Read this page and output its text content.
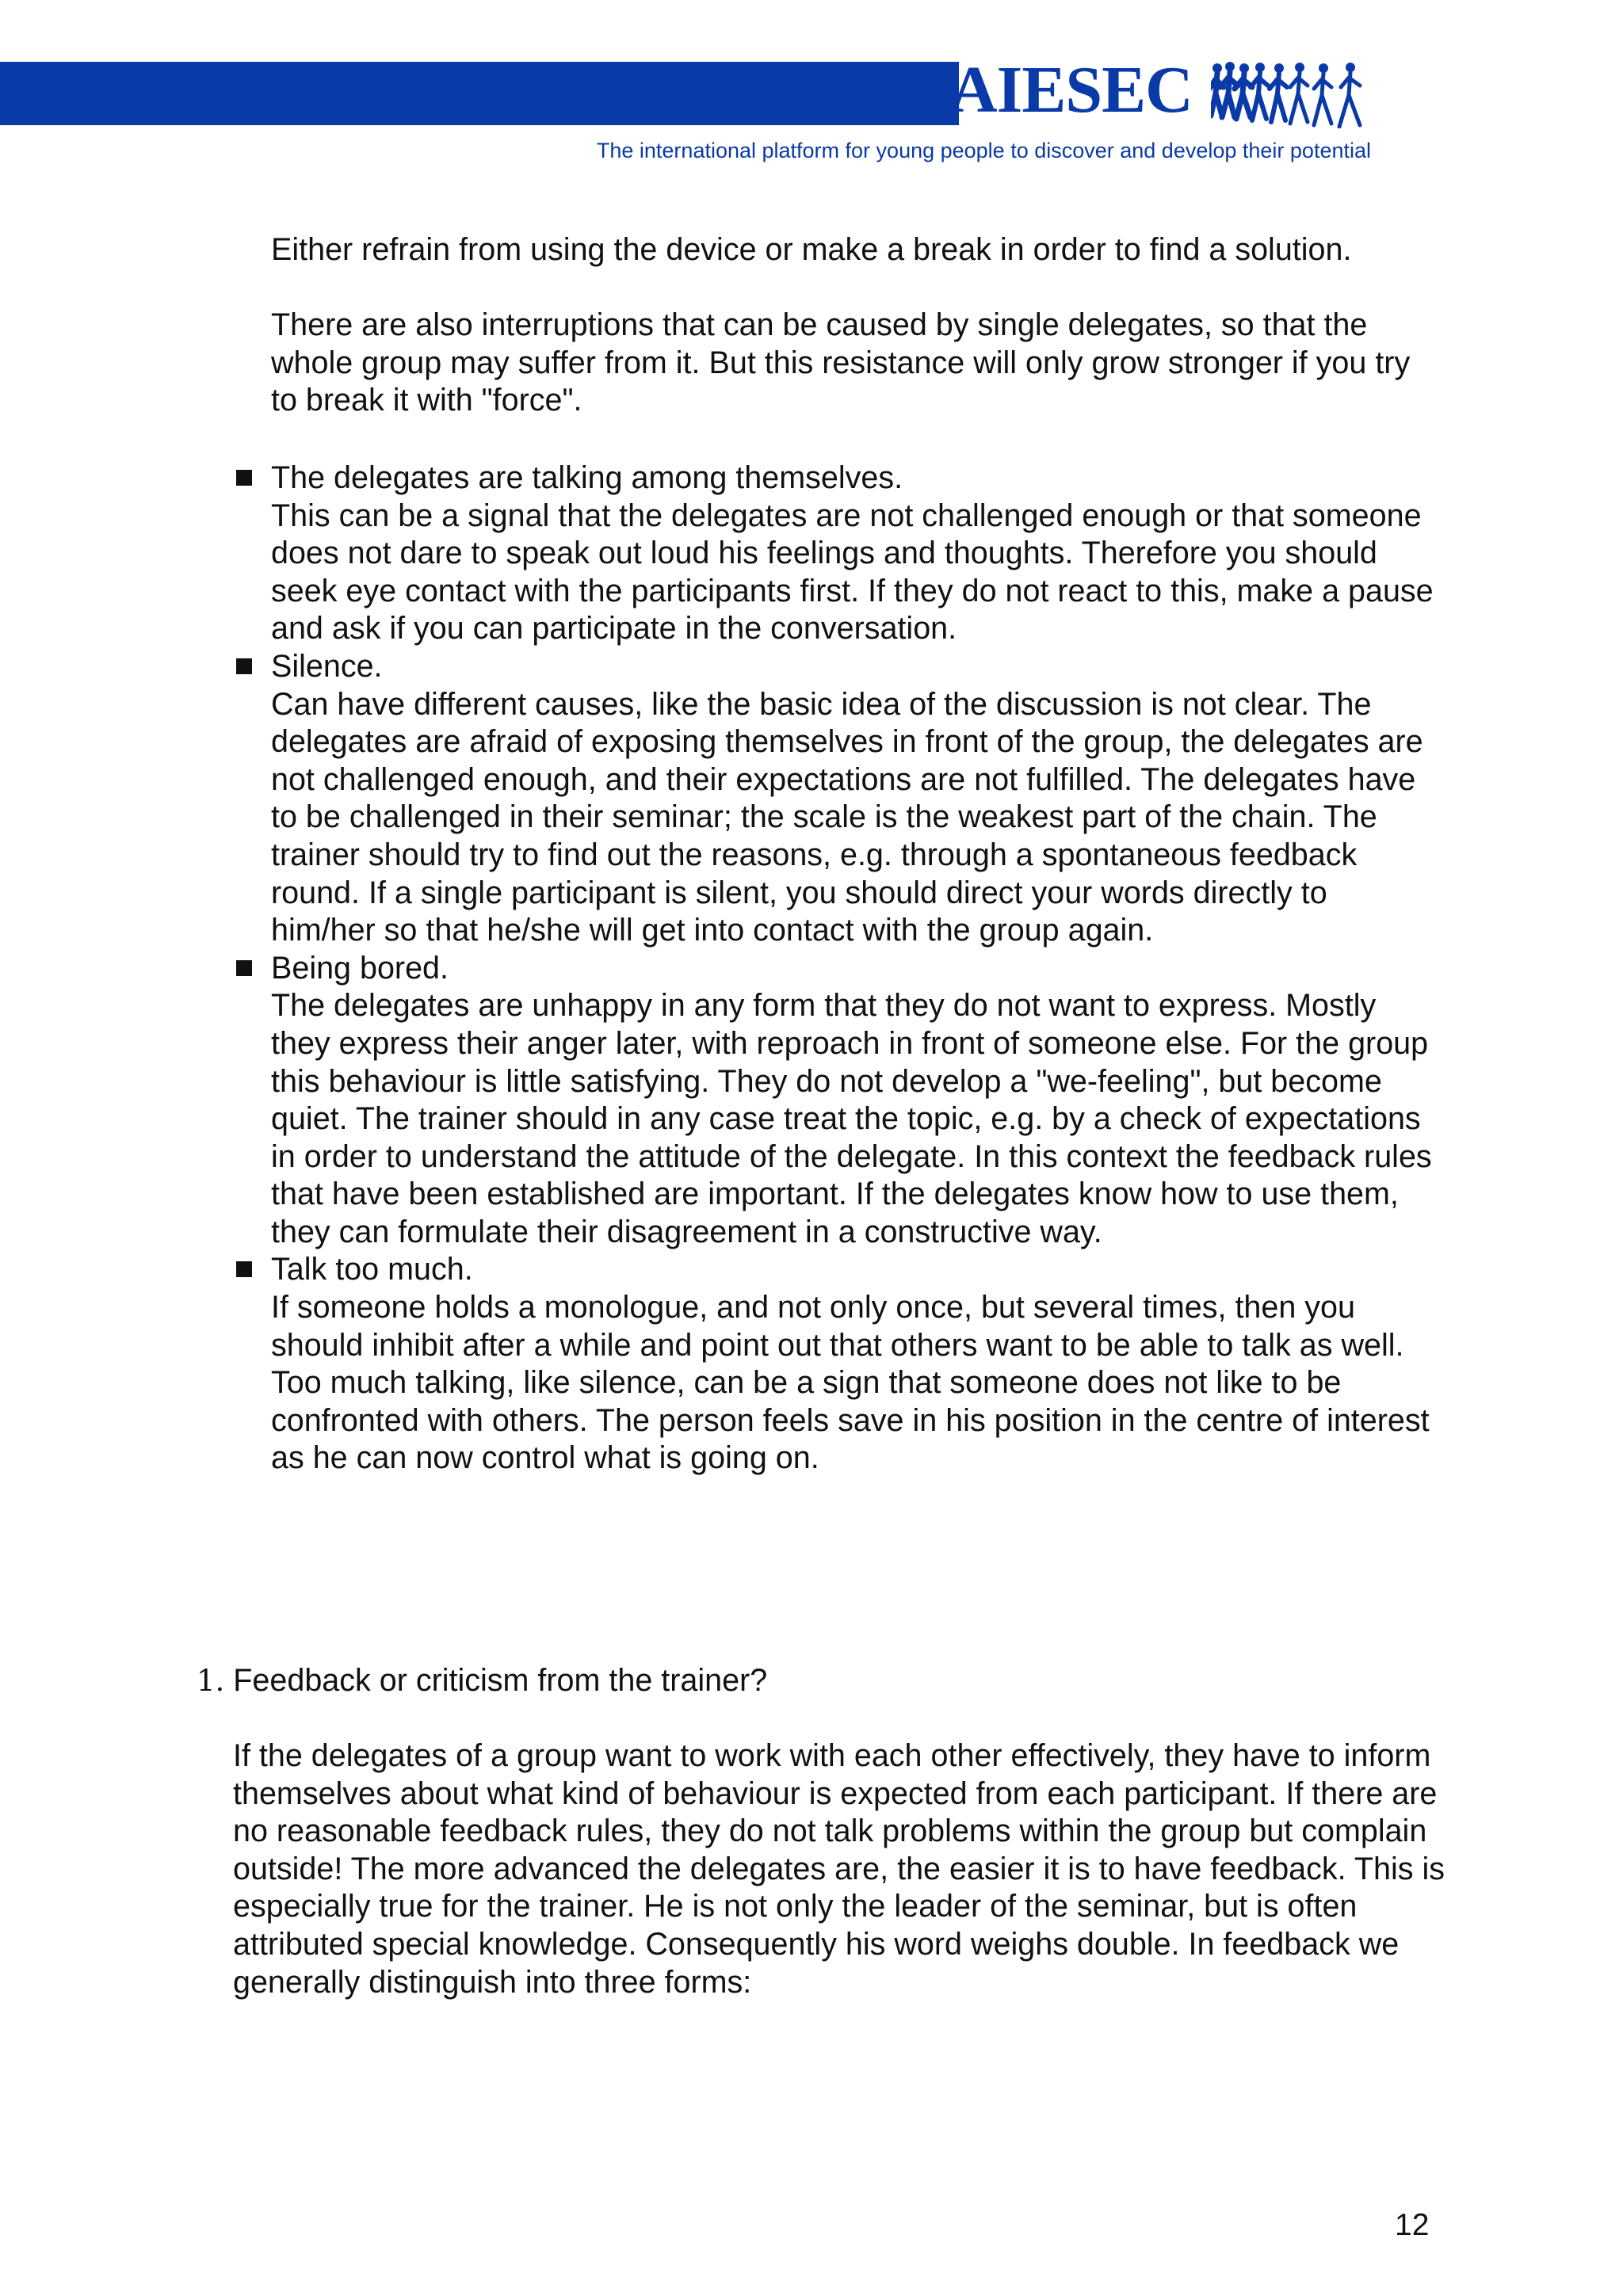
AIESEC
The international platform for young people to discover and develop their potential

Either refrain from using the device or make a break in order to find a solution.

There are also interruptions that can be caused by single delegates, so that the whole group may suffer from it. But this resistance will only grow stronger if you try to break it with "force".

The delegates are talking among themselves.

This can be a signal that the delegates are not challenged enough or that someone does not dare to speak out loud his feelings and thoughts. Therefore you should seek eye contact with the participants first. If they do not react to this, make a pause and ask if you can participate in the conversation.

Silence.

Can have different causes, like the basic idea of the discussion is not clear. The delegates are afraid of exposing themselves in front of the group, the delegates are not challenged enough, and their expectations are not fulfilled. The delegates have to be challenged in their seminar; the scale is the weakest part of the chain. The trainer should try to find out the reasons, e.g. through a spontaneous feedback round. If a single participant is silent, you should direct your words directly to him/her so that he/she will get into contact with the group again.

Being bored.

The delegates are unhappy in any form that they do not want to express. Mostly they express their anger later, with reproach in front of someone else. For the group this behaviour is little satisfying. They do not develop a "we-feeling", but become quiet. The trainer should in any case treat the topic, e.g. by a check of expectations in order to understand the attitude of the delegate. In this context the feedback rules that have been established are important. If the delegates know how to use them, they can formulate their disagreement in a constructive way.

Talk too much.

If someone holds a monologue, and not only once, but several times, then you should inhibit after a while and point out that others want to be able to talk as well.

Too much talking, like silence, can be a sign that someone does not like to be confronted with others. The person feels save in his position in the centre of interest as he can now control what is going on.

1. Feedback or criticism from the trainer?

If the delegates of a group want to work with each other effectively, they have to inform themselves about what kind of behaviour is expected from each participant. If there are no reasonable feedback rules, they do not talk problems within the group but complain outside! The more advanced the delegates are, the easier it is to have feedback. This is especially true for the trainer. He is not only the leader of the seminar, but is often attributed special knowledge. Consequently his word weighs double. In feedback we generally distinguish into three forms:

12
